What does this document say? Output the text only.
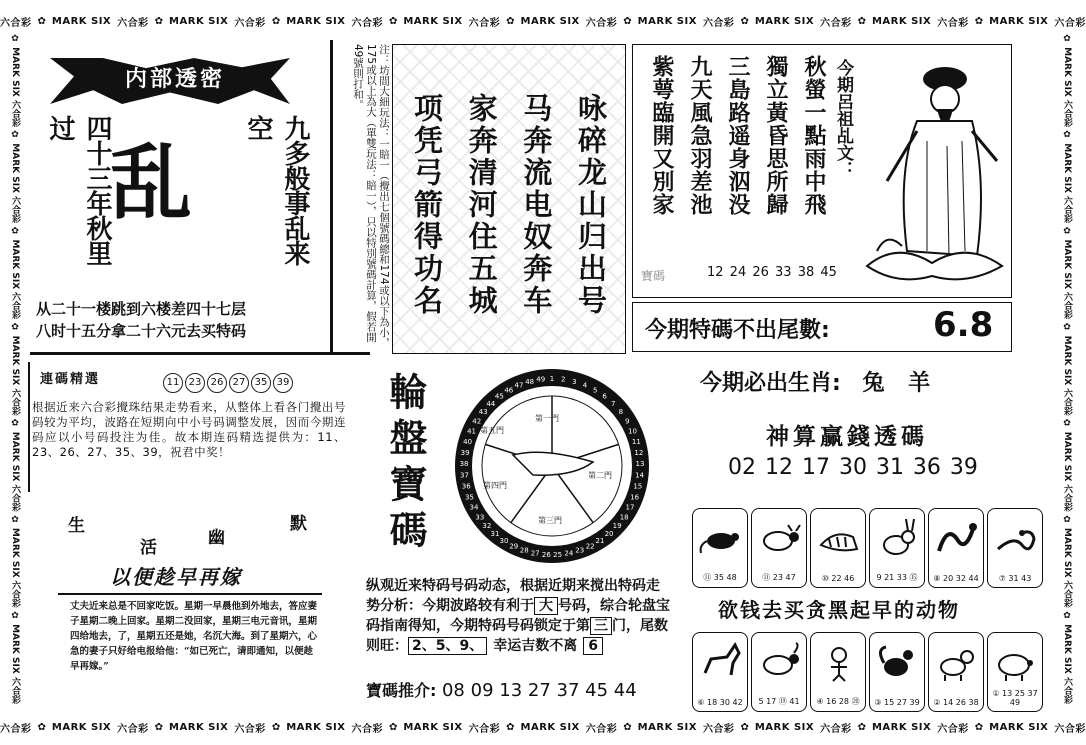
六合彩 ✿ MARK SIX 六合彩 ✿ MARK SIX 六合彩 ✿ MARK SIX 六合彩 ✿ MARK SIX 六合彩 ✿ MARK SIX 六合彩 ✿ MARK SIX 六合彩 ✿ MARK SIX 六合彩 ✿ MARK SIX 六合彩 ✿ MARK SIX 六合彩
六合彩 ✿ MARK SIX 六合彩 ✿ MARK SIX 六合彩 ✿ MARK SIX 六合彩 ✿ MARK SIX 六合彩 ✿ MARK SIX 六合彩 ✿ MARK SIX 六合彩 ✿ MARK SIX 六合彩 ✿ MARK SIX 六合彩 ✿ MARK SIX 六合彩
✿ MARK SIX 六合彩 ✿ MARK SIX 六合彩 ✿ MARK SIX 六合彩 ✿ MARK SIX 六合彩 ✿ MARK SIX 六合彩 ✿ MARK SIX 六合彩 ✿ MARK SIX 六合彩
✿ MARK SIX 六合彩 ✿ MARK SIX 六合彩 ✿ MARK SIX 六合彩 ✿ MARK SIX 六合彩 ✿ MARK SIX 六合彩 ✿ MARK SIX 六合彩 ✿ MARK SIX 六合彩
内部透密
四十三年秋里过
乱	九多般事乱来空
从二十一楼跳到六楼差四十七层
八时十五分拿二十六元去买特码	注：坊間大細玩法：一賠一（攪出七個號碼總和174或以下為小，175或以上為大（單雙玩法：賠一），只以特別號碼計算，假若開49號則打和。
咏碎龙山归出号
马奔流电奴奔车
家奔清河住五城
项凭弓箭得功名	今期呂祖乩文：
秋螢一點雨中飛
獨立黃昏思所歸
三島路遥身泅没
九天風急羽差池
紫萼臨開又別家
寶碼	12 24 26 33 38 45
今期特碼不出尾數:	6.8
連碼精選	11 23 26 27 35 39
根据近来六合彩攪珠结果走势看来，从整体上看各门攪出号码较为平均，波路在短期向中小号码调整发展，因而今期连码应以小号码投注为佳。故本期连码精选提供为：11、23、26、27、35、39，祝君中奖！
生
活	幽
默
以便趁早再嫁
丈夫近来总是不回家吃饭。星期一早晨他到外地去，答应妻子星期二晚上回家。星期二没回家，星期三电元音讯，星期四给地去，了，星期五还是她，名沉大海。到了星期六，心急的妻子只好给电报给他：“如已死亡，请即通知，以便趁早再嫁。”
輪盤寶碼	1 2 3 4
5
6
7
8
9
10
11
12
13
14
15
16
17
18
19
20
21
22
23
24
25
26
27
28
29
30
31
32
33
34
35
36
37
38
39
40
41
42
43
44
45
46
47 48 49
第一門
第二門
第三門
第四門
第五門
纵观近来特码号码动态，根据近期来搅出特码走势分析：今期波路较有利于 大 号码，综合轮盘宝码指南得知，今期特码号码锁定于第 三 门，尾数则旺： 2、5、9、 幸运吉数不离 6
寶碼推介: 08 09 13 27 37 45 44
今期必出生肖: 兔 羊
神算赢錢透碼
02 12 17 30 31 36 39
⑪ 35 48	⑪ 23 47	⑩ 22 46	9 21 33 ⑮	⑧ 20 32 44	⑦ 31 43
欲钱去买贪黑起早的动物
⑥ 18 30 42	5 17 ⑲ 41	④ 16 28 ⑳	③ 15 27 39	② 14 26 38
① 13 25 37 49
